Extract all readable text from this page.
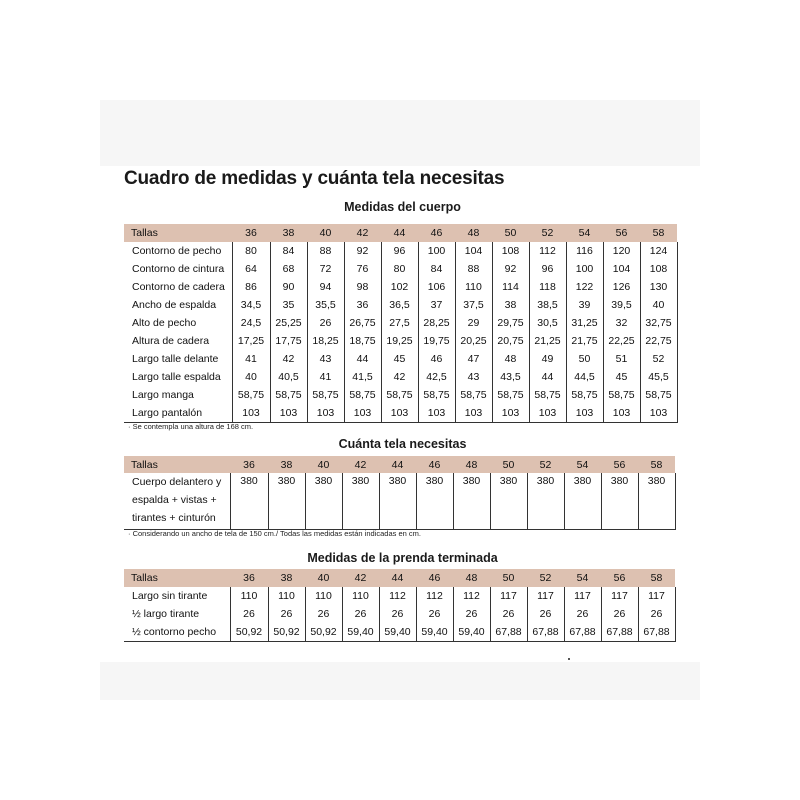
Cuadro de medidas y cuánta tela necesitas
Medidas del cuerpo
Tallas	36	38	40	42	44	46	48	50	52	54	56	58
Contorno de pecho	80	84	88	92	96	100	104	108	112	116	120	124
Contorno de cintura	64	68	72	76	80	84	88	92	96	100	104	108
Contorno de cadera	86	90	94	98	102	106	110	114	118	122	126	130
Ancho de espalda	34,5	35	35,5	36	36,5	37	37,5	38	38,5	39	39,5	40
Alto de pecho	24,5	25,25	26	26,75	27,5	28,25	29	29,75	30,5	31,25	32	32,75
Altura de cadera	17,25	17,75	18,25	18,75	19,25	19,75	20,25	20,75	21,25	21,75	22,25	22,75
Largo talle delante	41	42	43	44	45	46	47	48	49	50	51	52
Largo talle espalda	40	40,5	41	41,5	42	42,5	43	43,5	44	44,5	45	45,5
Largo manga	58,75	58,75	58,75	58,75	58,75	58,75	58,75	58,75	58,75	58,75	58,75	58,75
Largo pantalón	103	103	103	103	103	103	103	103	103	103	103	103

· Se contempla una altura de 168 cm.

Cuánta tela necesitas
Tallas	36	38	40	42	44	46	48	50	52	54	56	58
Cuerpo delantero y espalda + vistas + tirantes + cinturón	380	380	380	380	380	380	380	380	380	380	380	380

· Considerando un ancho de tela de 150 cm./ Todas las medidas están indicadas en cm.

Medidas de la prenda terminada
Tallas	36	38	40	42	44	46	48	50	52	54	56	58
Largo sin tirante	110	110	110	110	112	112	112	117	117	117	117	117
½ largo tirante	26	26	26	26	26	26	26	26	26	26	26	26
½ contorno pecho	50,92	50,92	50,92	59,40	59,40	59,40	59,40	67,88	67,88	67,88	67,88	67,88
